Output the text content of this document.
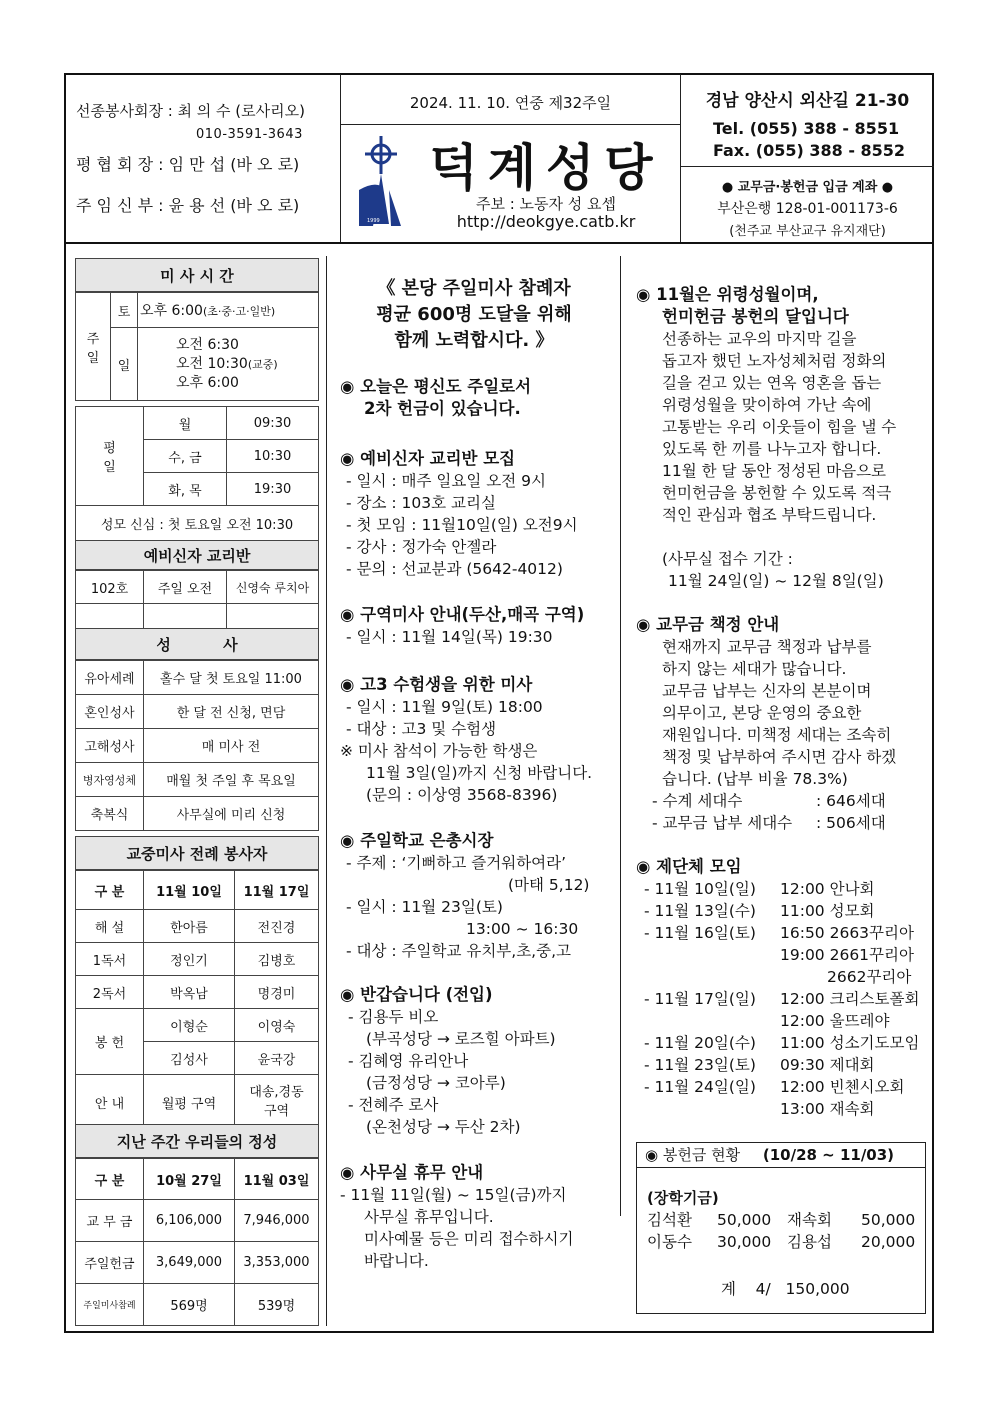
선종봉사회장 : 최 의 수 (로사리오)
010-3591-3643
평 협 회 장 : 임 만 섭 (바 오 로)
주 임 신 부 : 윤 용 선 (바 오 로)
2024. 11. 10. 연중 제32주일
1999
덕계성당
주보 : 노동자 성 요셉
http://deokgye.catb.kr
경남 양산시 외산길 21-30
Tel. (055) 388 - 8551
Fax. (055) 388 - 8552
● 교무금·봉헌금 입금 계좌 ●
부산은행 128-01-001173-6
(천주교 부산교구 유지재단)
미 사 시 간
주
일	토	오후 6:00(초·중·고·일반)
	일	오전 6:30
오전 10:30(교중)
오후 6:00
평
일	월	09:30
	수, 금	10:30
	화, 목	19:30
성모 신심 : 첫 토요일 오전 10:30		
예비신자 교리반
102호	주일 오전	신영숙 루치아

성          사
유아세례	홀수 달 첫 토요일 11:00
혼인성사	한 달 전 신청, 면담
고해성사	매 미사 전
병자영성체	매월 첫 주일 후 목요일
축복식	사무실에 미리 신청
교중미사 전례 봉사자
구 분	11월 10일	11월 17일
해 설	한아름	전진경
1독서	정인기	김병호
2독서	박옥남	명경미
봉 헌	이형순	이영숙
	김성사	윤국강
안 내	월평 구역	대송,경동
구역
지난 주간 우리들의 정성
구 분	10월 27일	11월 03일
교 무 금	6,106,000	7,946,000
주일헌금	3,649,000	3,353,000
주일미사참례	569명	539명
《 본당 주일미사 참례자
평균 600명 도달을 위해
함께 노력합시다. 》
◉ 오늘은 평신도 주일로서
2차 헌금이 있습니다.
◉ 예비신자 교리반 모집
- 일시 : 매주 일요일 오전 9시
- 장소 : 103호 교리실
- 첫 모임 : 11월10일(일) 오전9시
- 강사 : 정가숙 안젤라
- 문의 : 선교분과 (5642-4012)
◉ 구역미사 안내(두산,매곡 구역)
- 일시 : 11월 14일(목) 19:30
◉ 고3 수험생을 위한 미사
- 일시 : 11월 9일(토) 18:00
- 대상 : 고3 및 수험생
※ 미사 참석이 가능한 학생은
11월 3일(일)까지 신청 바랍니다.
(문의 : 이상영 3568-8396)
◉ 주일학교 은총시장
- 주제 : ‘기뻐하고 즐거워하여라’
(마태 5,12)
- 일시 : 11월 23일(토)
13:00 ~ 16:30
- 대상 : 주일학교 유치부,초,중,고
◉ 반갑습니다 (전입)
- 김용두 비오
(부곡성당 → 로즈힐 아파트)
- 김혜영 유리안나
(금정성당 → 코아루)
- 전혜주 로사
(온천성당 → 두산 2차)
◉ 사무실 휴무 안내
- 11월 11일(월) ~ 15일(금)까지
사무실 휴무입니다.
미사예물 등은 미리 접수하시기
바랍니다.
◉ 11월은 위령성월이며,
헌미헌금 봉헌의 달입니다
선종하는 교우의 마지막 길을
돕고자 했던 노자성체처럼 정화의
길을 걷고 있는 연옥 영혼을 돕는
위령성월을 맞이하여 가난 속에
고통받는 우리 이웃들이 힘을 낼 수
있도록 한 끼를 나누고자 합니다.
11월 한 달 동안 정성된 마음으로
헌미헌금을 봉헌할 수 있도록 적극
적인 관심과 협조 부탁드립니다.
(사무실 접수 기간 :
11월 24일(일) ~ 12월 8일(일)
◉ 교무금 책정 안내
현재까지 교무금 책정과 납부를
하지 않는 세대가 많습니다.
교무금 납부는 신자의 본분이며
의무이고, 본당 운영의 중요한
재원입니다. 미책정 세대는 조속히
책정 및 납부하여 주시면 감사 하겠
습니다. (납부 비율 78.3%)
- 수계 세대수	: 646세대
- 교무금 납부 세대수 : 506세대
◉ 제단체 모임
- 11월 10일(일) 12:00 안나회
- 11월 13일(수) 11:00 성모회
- 11월 16일(토) 16:50 2663꾸리아
19:00 2661꾸리아
2662꾸리아
- 11월 17일(일) 12:00 크리스토폴회
12:00 울뜨레야
- 11월 20일(수) 11:00 성소기도모임
- 11월 23일(토) 09:30 제대회
- 11월 24일(일) 12:00 빈첸시오회
13:00 재속회
◉ 봉헌금 현황 (10/28 ~ 11/03)
(장학기금)
김석환 50,000 재속회 50,000
이동수 30,000 김용섭 20,000
계    4/   150,000
